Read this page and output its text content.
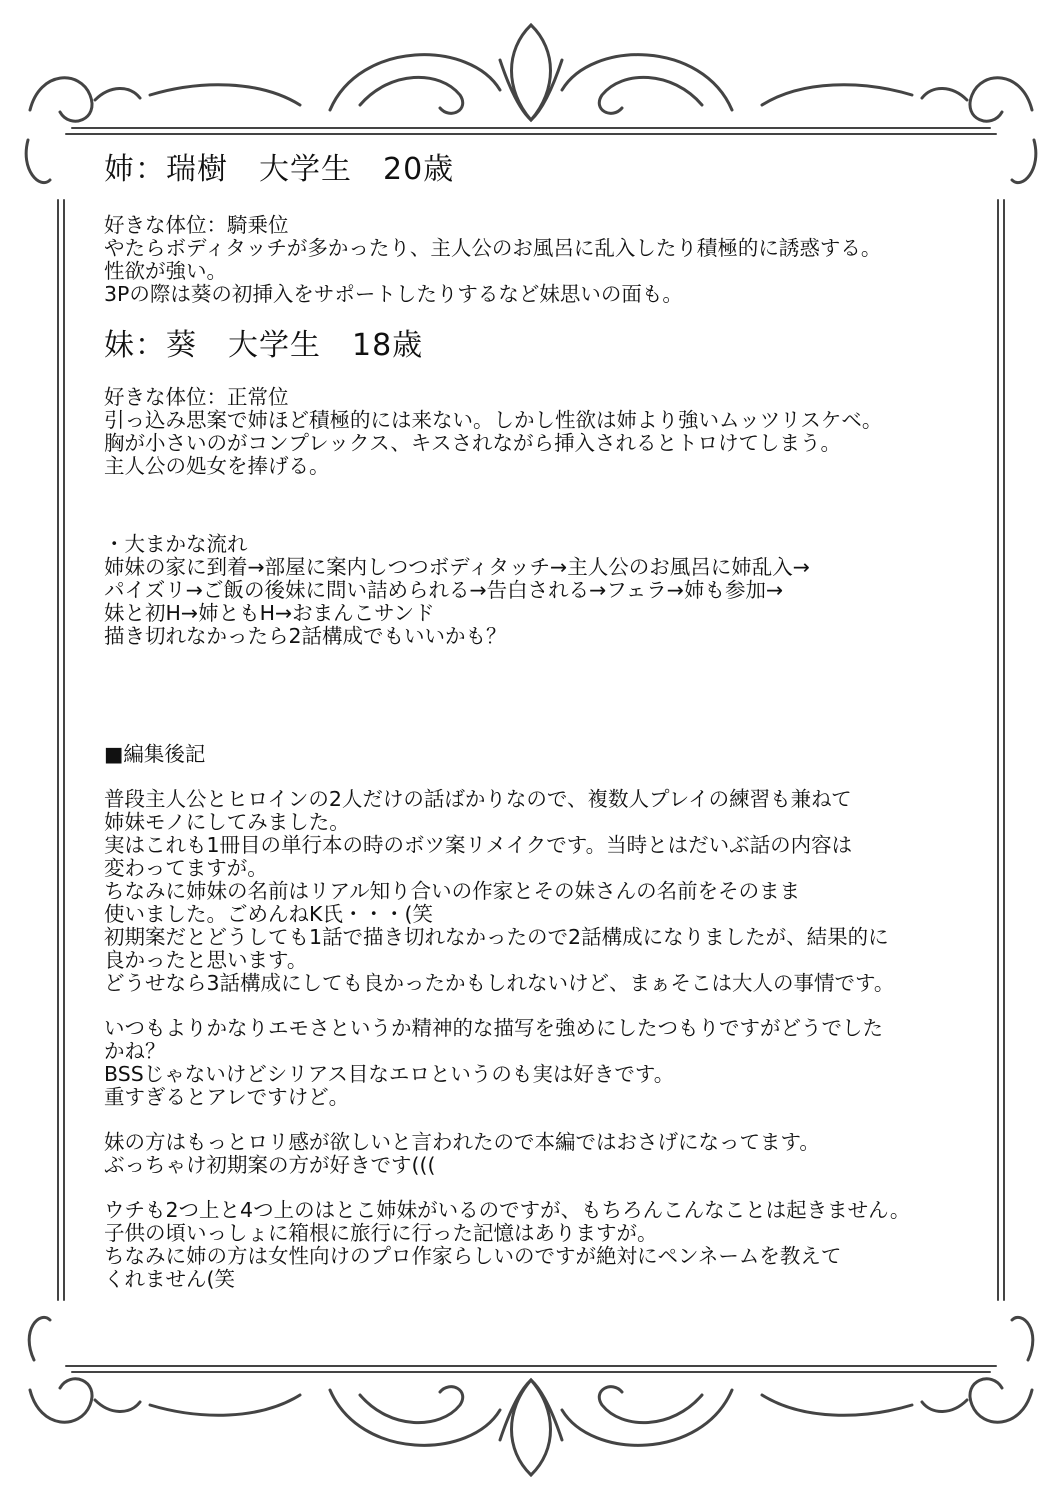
姉：瑞樹　大学生　20歳

好きな体位：騎乗位

やたらボディタッチが多かったり、主人公のお風呂に乱入したり積極的に誘惑する。

性欲が強い。

3Pの際は葵の初挿入をサポートしたりするなど妹思いの面も。

妹：葵　大学生　18歳

好きな体位：正常位

引っ込み思案で姉ほど積極的には来ない。しかし性欲は姉より強いムッツリスケベ。

胸が小さいのがコンプレックス、キスされながら挿入されるとトロけてしまう。

主人公の処女を捧げる。

・大まかな流れ

姉妹の家に到着→部屋に案内しつつボディタッチ→主人公のお風呂に姉乱入→

パイズリ→ご飯の後妹に問い詰められる→告白される→フェラ→姉も参加→

妹と初H→姉ともH→おまんこサンド

描き切れなかったら2話構成でもいいかも？

■編集後記

普段主人公とヒロインの2人だけの話ばかりなので、複数人プレイの練習も兼ねて

姉妹モノにしてみました。

実はこれも1冊目の単行本の時のボツ案リメイクです。当時とはだいぶ話の内容は

変わってますが。

ちなみに姉妹の名前はリアル知り合いの作家とその妹さんの名前をそのまま

使いました。ごめんねK氏・・・(笑

初期案だとどうしても1話で描き切れなかったので2話構成になりましたが、結果的に

良かったと思います。

どうせなら3話構成にしても良かったかもしれないけど、まぁそこは大人の事情です。

いつもよりかなりエモさというか精神的な描写を強めにしたつもりですがどうでした

かね？

BSSじゃないけどシリアス目なエロというのも実は好きです。

重すぎるとアレですけど。

妹の方はもっとロリ感が欲しいと言われたので本編ではおさげになってます。

ぶっちゃけ初期案の方が好きです(((

ウチも2つ上と4つ上のはとこ姉妹がいるのですが、もちろんこんなことは起きません。

子供の頃いっしょに箱根に旅行に行った記憶はありますが。

ちなみに姉の方は女性向けのプロ作家らしいのですが絶対にペンネームを教えて

くれません(笑
